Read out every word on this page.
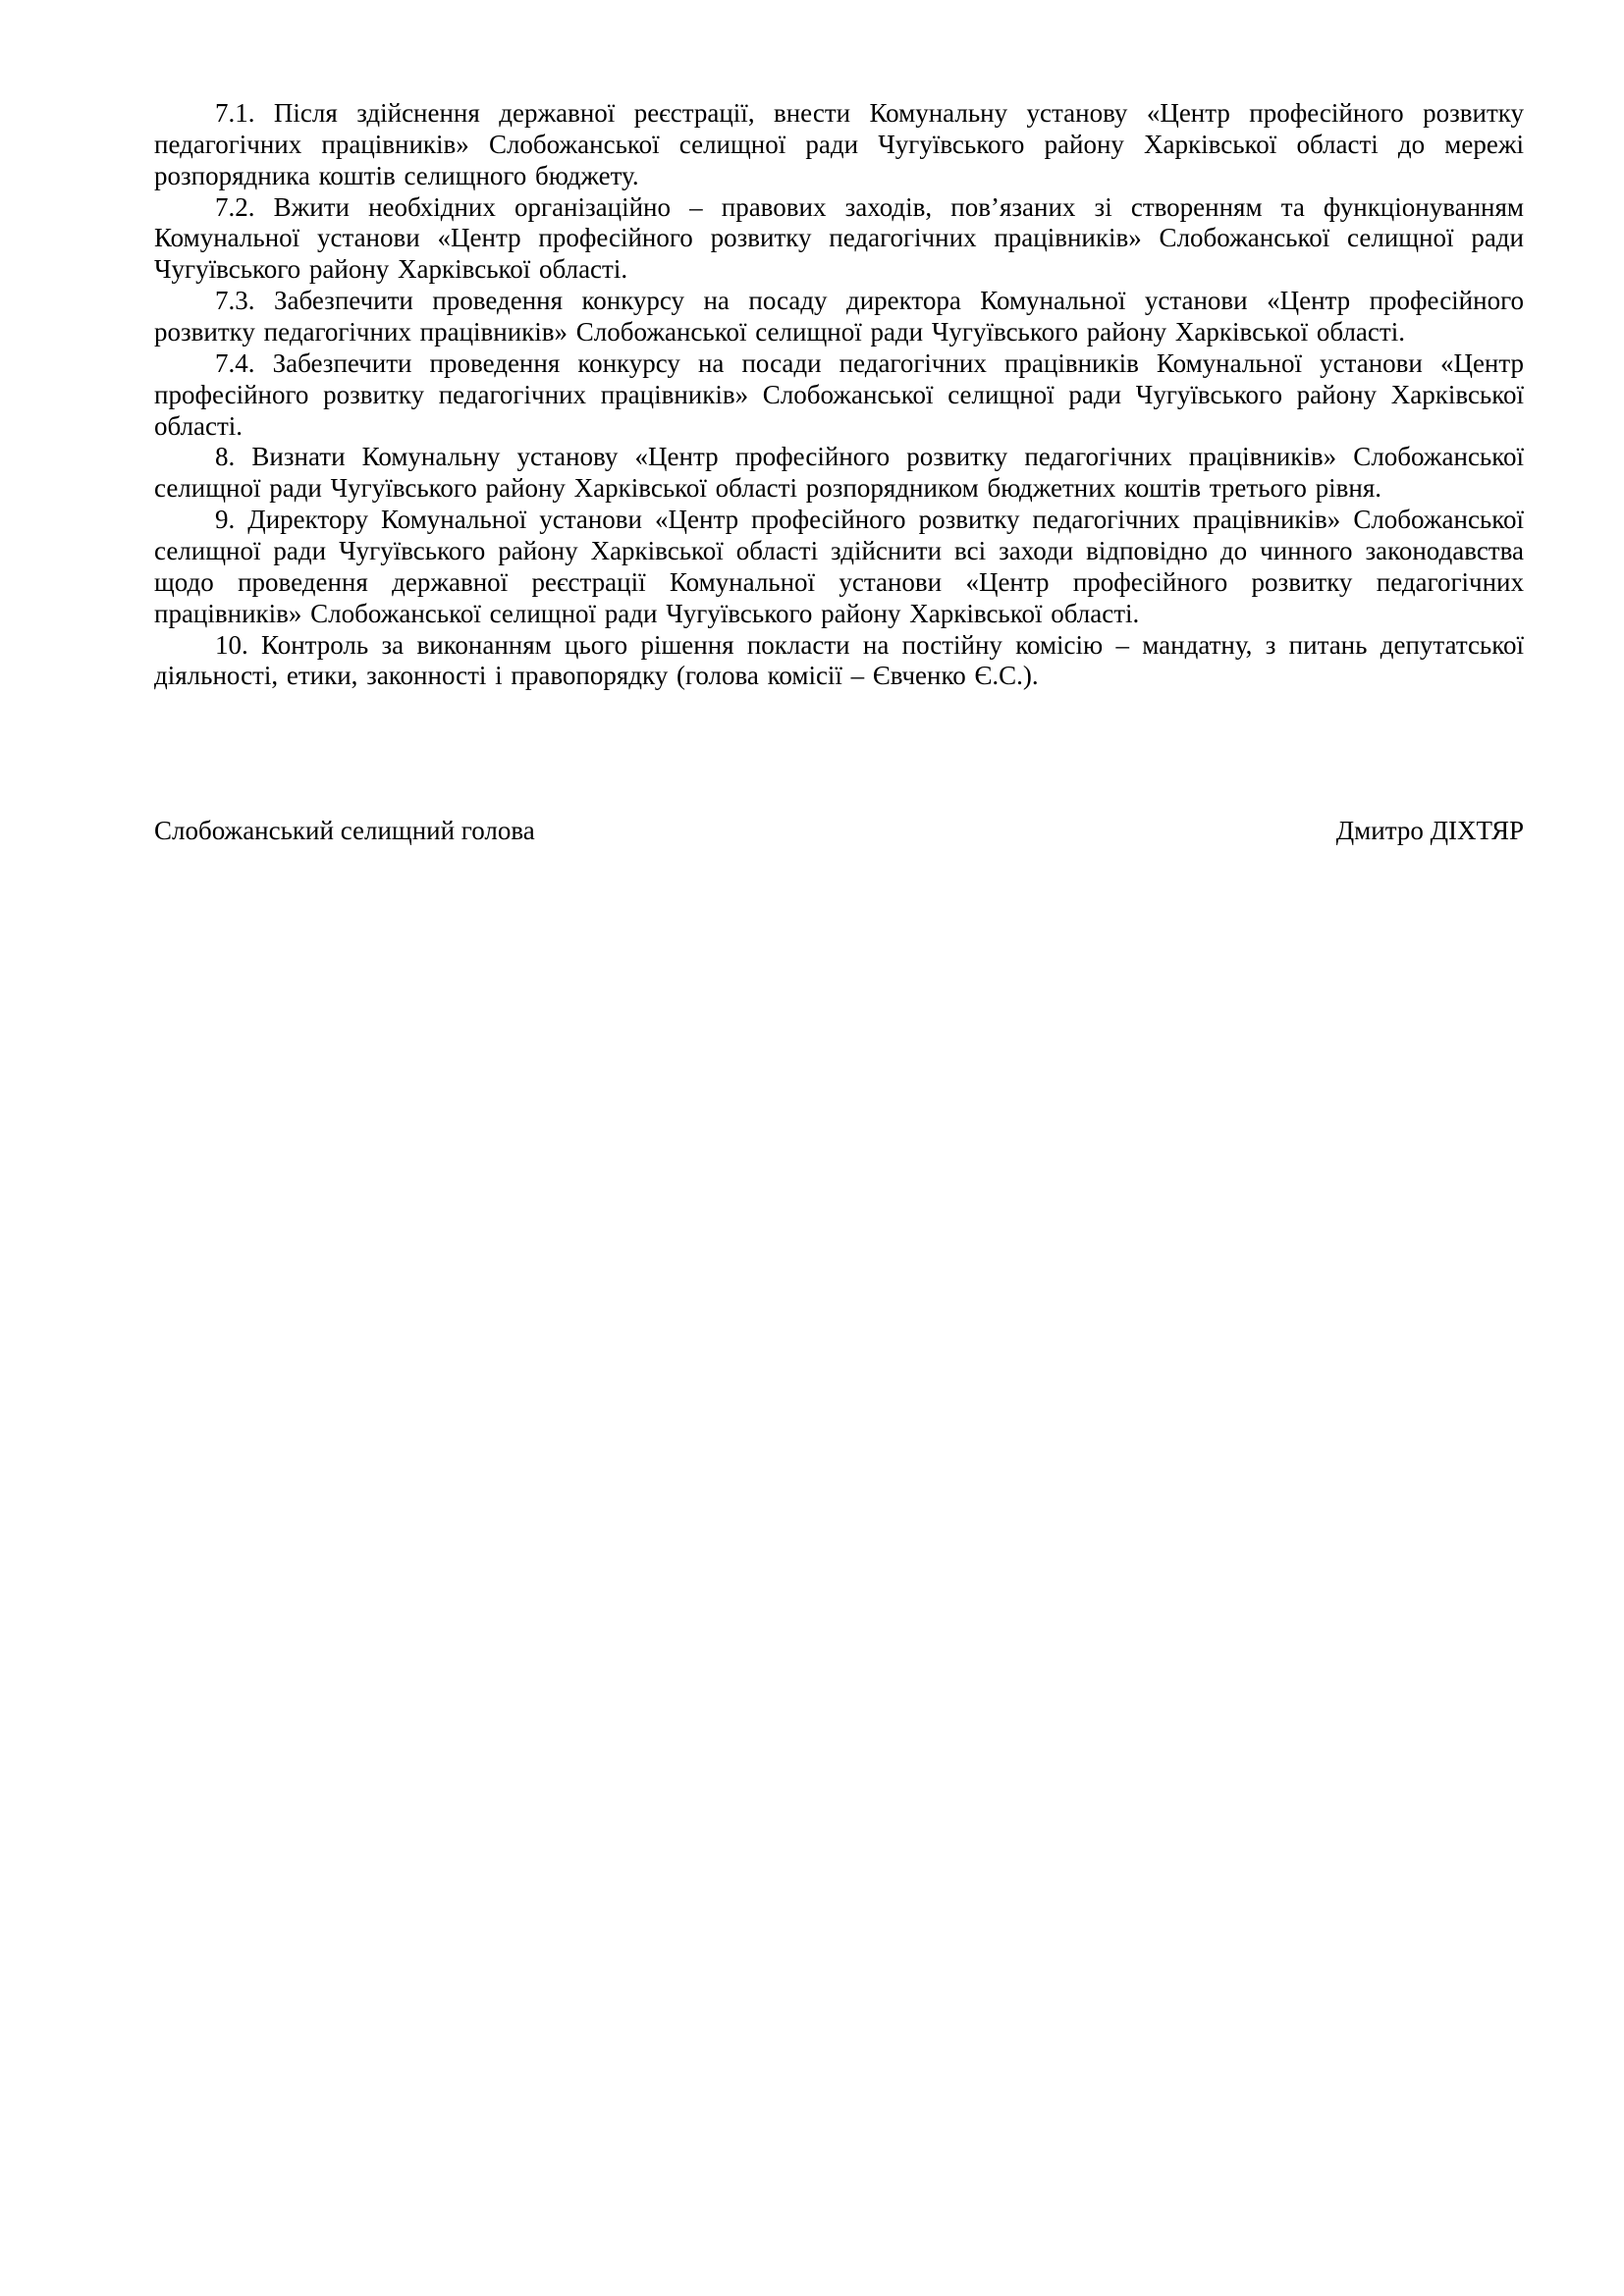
7.1. Після здійснення державної реєстрації, внести Комунальну установу «Центр професійного розвитку педагогічних працівників» Слобожанської селищної ради Чугуївського району Харківської області до мережі розпорядника коштів селищного бюджету.

7.2. Вжити необхідних організаційно – правових заходів, пов’язаних зі створенням та функціонуванням Комунальної установи «Центр професійного розвитку педагогічних працівників» Слобожанської селищної ради Чугуївського району Харківської області.

7.3. Забезпечити проведення конкурсу на посаду директора Комунальної установи «Центр професійного розвитку педагогічних працівників» Слобожанської селищної ради Чугуївського району Харківської області.

7.4. Забезпечити проведення конкурсу на посади педагогічних працівників Комунальної установи «Центр професійного розвитку педагогічних працівників» Слобожанської селищної ради Чугуївського району Харківської області.

8. Визнати Комунальну установу «Центр професійного розвитку педагогічних працівників» Слобожанської селищної ради Чугуївського району Харківської області розпорядником бюджетних коштів третього рівня.

9. Директору Комунальної установи «Центр професійного розвитку педагогічних працівників» Слобожанської селищної ради Чугуївського району Харківської області здійснити всі заходи відповідно до чинного законодавства щодо проведення державної реєстрації Комунальної установи «Центр професійного розвитку педагогічних працівників» Слобожанської селищної ради Чугуївського району Харківської області.

10. Контроль за виконанням цього рішення покласти на постійну комісію – мандатну, з питань депутатської діяльності, етики, законності і правопорядку (голова комісії – Євченко Є.С.).

Слобожанський селищний голова	Дмитро ДІХТЯР
